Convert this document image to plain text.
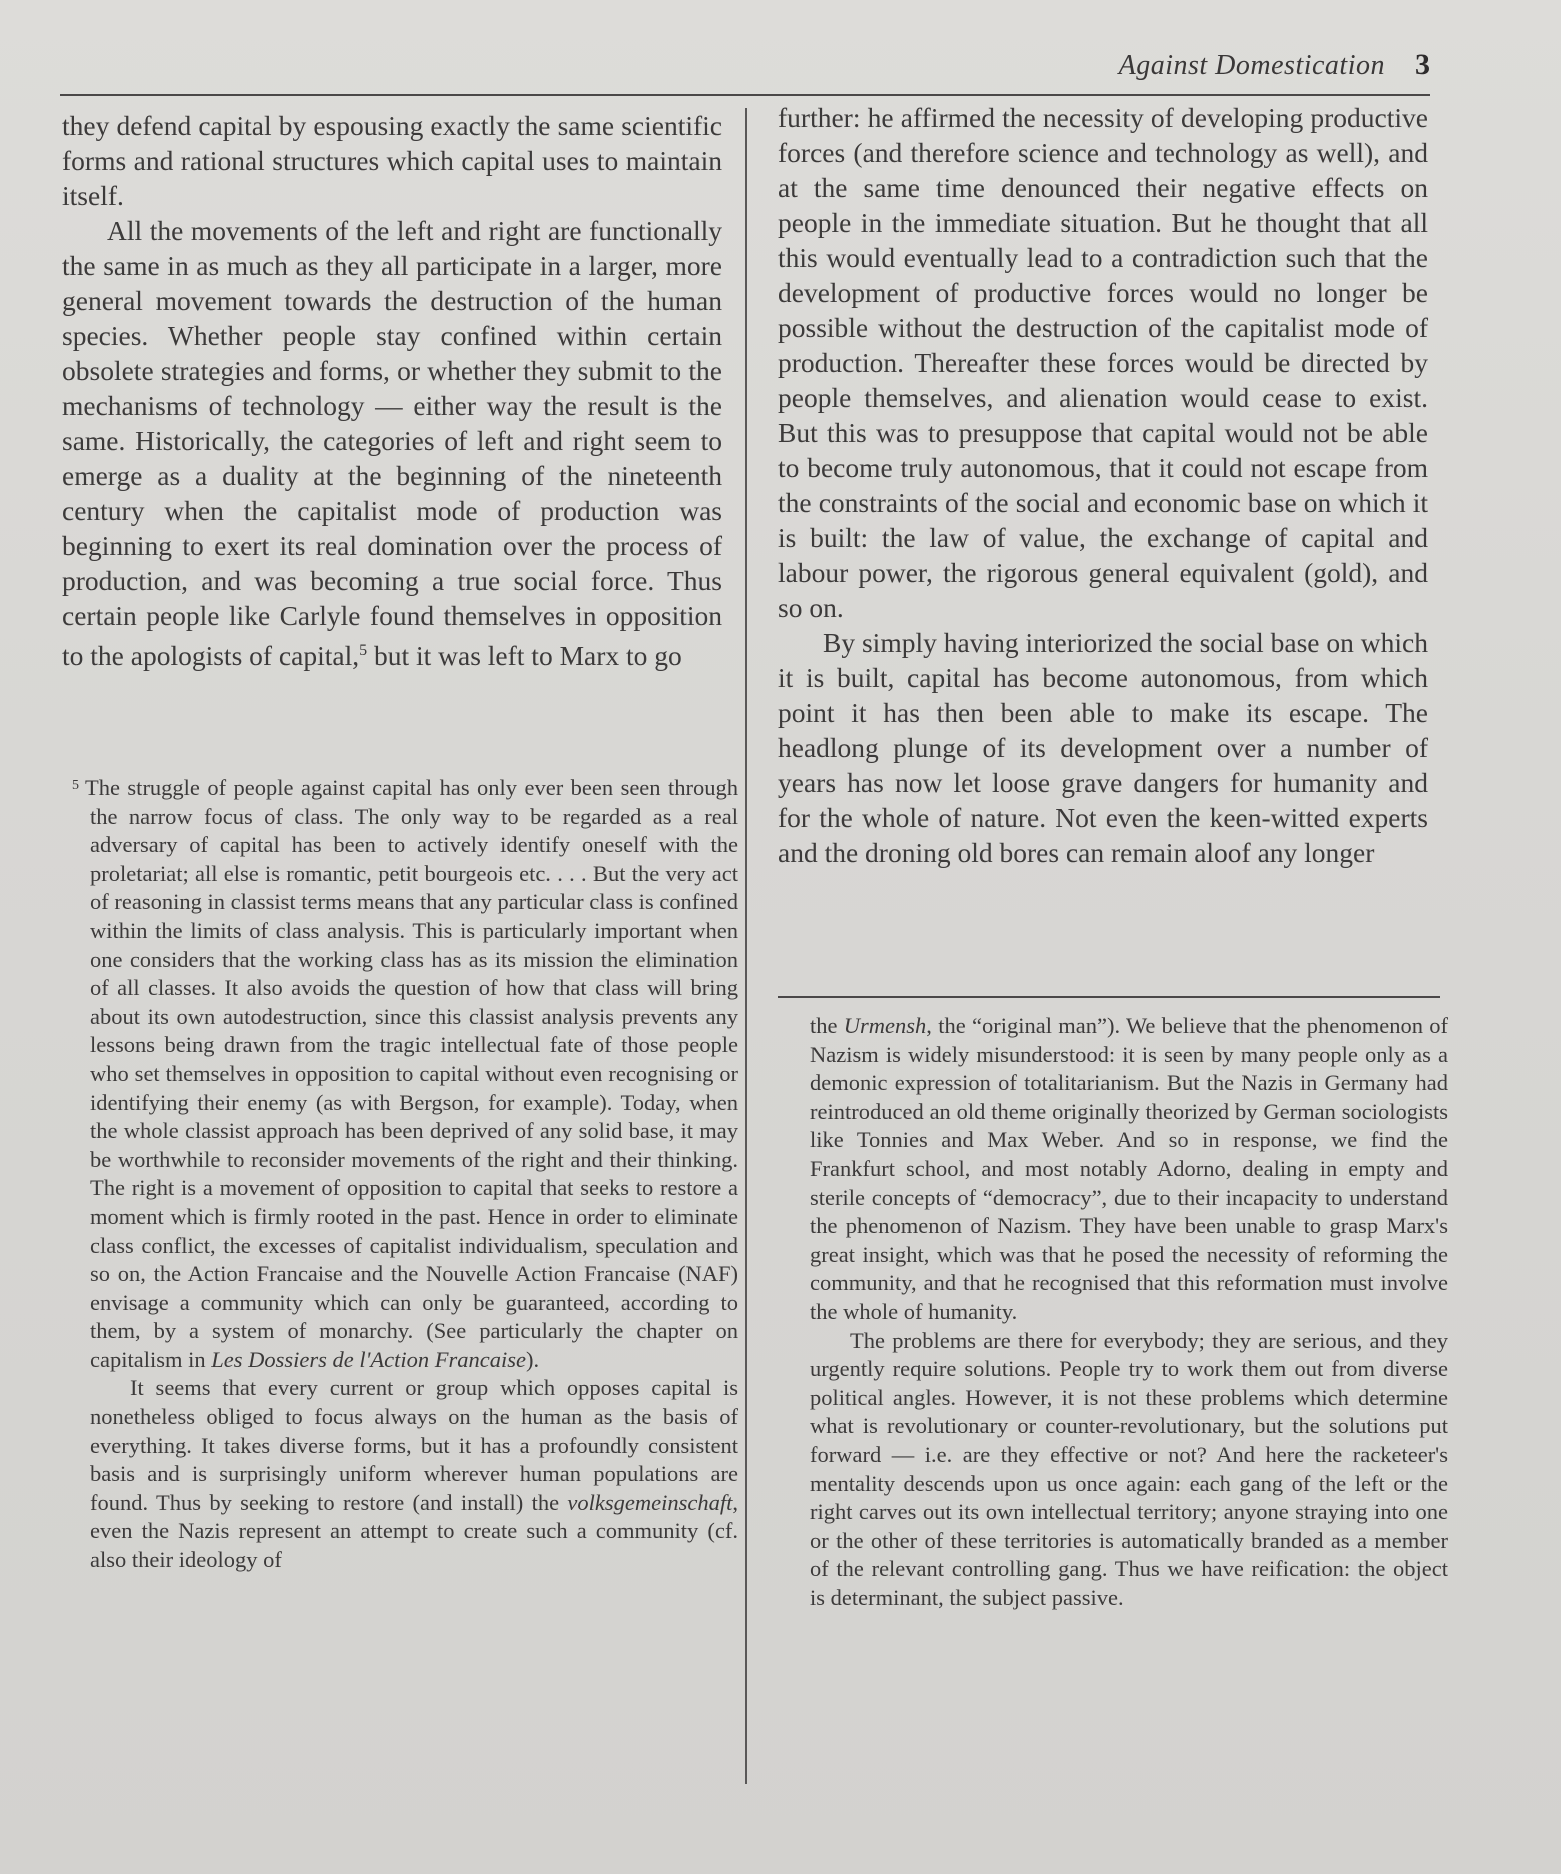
Against Domestication 3

they defend capital by espousing exactly the same scientific forms and rational structures which capital uses to maintain itself.

All the movements of the left and right are functionally the same in as much as they all participate in a larger, more general movement towards the destruction of the human species. Whether people stay confined within certain obsolete strategies and forms, or whether they submit to the mechanisms of technology — either way the result is the same. Historically, the categories of left and right seem to emerge as a duality at the beginning of the nineteenth century when the capitalist mode of production was beginning to exert its real domination over the process of production, and was becoming a true social force. Thus certain people like Carlyle found themselves in opposition to the apologists of capital,$^5$ but it was left to Marx to go

$^5$ The struggle of people against capital has only ever been seen through the narrow focus of class. The only way to be regarded as a real adversary of capital has been to actively identify oneself with the proletariat; all else is romantic, petit bourgeois etc. . . . But the very act of reasoning in classist terms means that any particular class is confined within the limits of class analysis. This is particularly important when one considers that the working class has as its mission the elimination of all classes. It also avoids the question of how that class will bring about its own autodestruction, since this classist analysis prevents any lessons being drawn from the tragic intellectual fate of those people who set themselves in opposition to capital without even recognising or identifying their enemy (as with Bergson, for example). Today, when the whole classist approach has been deprived of any solid base, it may be worthwhile to reconsider movements of the right and their thinking. The right is a movement of opposition to capital that seeks to restore a moment which is firmly rooted in the past. Hence in order to eliminate class conflict, the excesses of capitalist individualism, speculation and so on, the Action Francaise and the Nouvelle Action Francaise (NAF) envisage a community which can only be guaranteed, according to them, by a system of monarchy. (See particularly the chapter on capitalism in Les Dossiers de l'Action Francaise).

It seems that every current or group which opposes capital is nonetheless obliged to focus always on the human as the basis of everything. It takes diverse forms, but it has a profoundly consistent basis and is surprisingly uniform wherever human populations are found. Thus by seeking to restore (and install) the volksgemeinschaft, even the Nazis represent an attempt to create such a community (cf. also their ideology of

further: he affirmed the necessity of developing productive forces (and therefore science and technology as well), and at the same time denounced their negative effects on people in the immediate situation. But he thought that all this would eventually lead to a contradiction such that the development of productive forces would no longer be possible without the destruction of the capitalist mode of production. Thereafter these forces would be directed by people themselves, and alienation would cease to exist. But this was to presuppose that capital would not be able to become truly autonomous, that it could not escape from the constraints of the social and economic base on which it is built: the law of value, the exchange of capital and labour power, the rigorous general equivalent (gold), and so on.

By simply having interiorized the social base on which it is built, capital has become autonomous, from which point it has then been able to make its escape. The headlong plunge of its development over a number of years has now let loose grave dangers for humanity and for the whole of nature. Not even the keen-witted experts and the droning old bores can remain aloof any longer

the Urmensh, the “original man”). We believe that the phenomenon of Nazism is widely misunderstood: it is seen by many people only as a demonic expression of totalitarianism. But the Nazis in Germany had reintroduced an old theme originally theorized by German sociologists like Tonnies and Max Weber. And so in response, we find the Frankfurt school, and most notably Adorno, dealing in empty and sterile concepts of “democracy”, due to their incapacity to understand the phenomenon of Nazism. They have been unable to grasp Marx's great insight, which was that he posed the necessity of reforming the community, and that he recognised that this reformation must involve the whole of humanity.

The problems are there for everybody; they are serious, and they urgently require solutions. People try to work them out from diverse political angles. However, it is not these problems which determine what is revolutionary or counter-revolutionary, but the solutions put forward — i.e. are they effective or not? And here the racketeer's mentality descends upon us once again: each gang of the left or the right carves out its own intellectual territory; anyone straying into one or the other of these territories is automatically branded as a member of the relevant controlling gang. Thus we have reification: the object is determinant, the subject passive.
